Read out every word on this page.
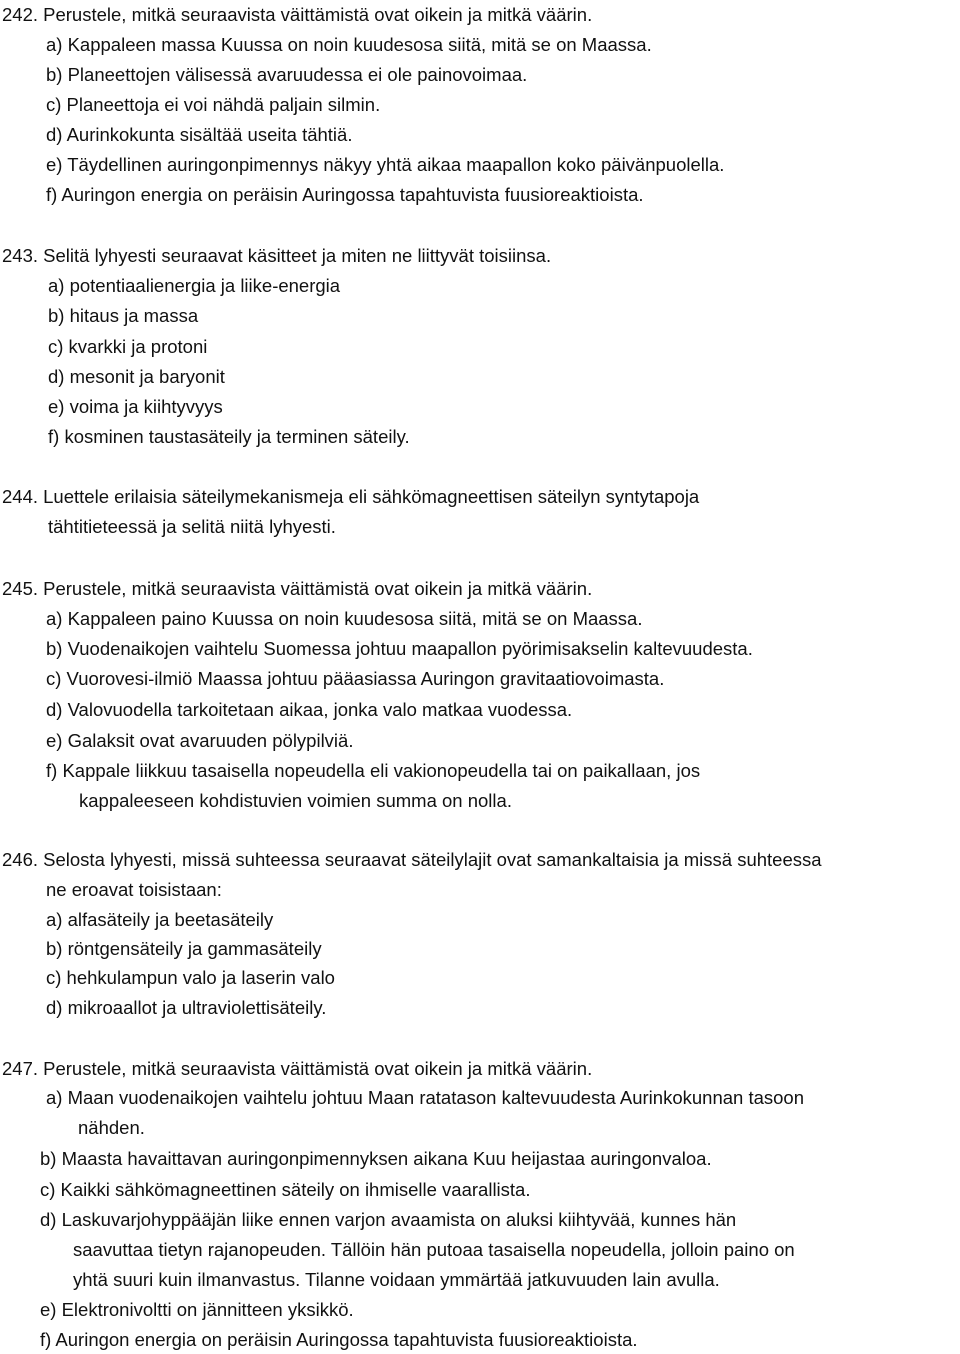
242. Perustele, mitkä seuraavista väittämistä ovat oikein ja mitkä väärin.
a) Kappaleen massa Kuussa on noin kuudesosa siitä, mitä se on Maassa.
b) Planeettojen välisessä avaruudessa ei ole painovoimaa.
c) Planeettoja ei voi nähdä paljain silmin.
d) Aurinkokunta sisältää useita tähtiä.
e) Täydellinen auringonpimennys näkyy yhtä aikaa maapallon koko päivänpuolella.
f) Auringon energia on peräisin Auringossa tapahtuvista fuusioreaktioista.
243. Selitä lyhyesti seuraavat käsitteet ja miten ne liittyvät toisiinsa.
a) potentiaalienergia ja liike-energia
b) hitaus ja massa
c) kvarkki ja protoni
d) mesonit ja baryonit
e) voima ja kiihtyvyys
f) kosminen taustasäteily ja terminen säteily.
244. Luettele erilaisia säteilymekanismeja eli sähkömagneettisen säteilyn syntytapoja
tähtitieteessä ja selitä niitä lyhyesti.
245. Perustele, mitkä seuraavista väittämistä ovat oikein ja mitkä väärin.
a) Kappaleen paino Kuussa on noin kuudesosa siitä, mitä se on Maassa.
b) Vuodenaikojen vaihtelu Suomessa johtuu maapallon pyörimisakselin kaltevuudesta.
c) Vuorovesi-ilmiö Maassa johtuu pääasiassa Auringon gravitaatiovoimasta.
d) Valovuodella tarkoitetaan aikaa, jonka valo matkaa vuodessa.
e) Galaksit ovat avaruuden pölypilviä.
f) Kappale liikkuu tasaisella nopeudella eli vakionopeudella tai on paikallaan, jos
kappaleeseen kohdistuvien voimien summa on nolla.
246. Selosta lyhyesti, missä suhteessa seuraavat säteilylajit ovat samankaltaisia ja missä suhteessa
ne eroavat toisistaan:
a) alfasäteily ja beetasäteily
b) röntgensäteily ja gammasäteily
c) hehkulampun valo ja laserin valo
d) mikroaallot ja ultraviolettisäteily.
247. Perustele, mitkä seuraavista väittämistä ovat oikein ja mitkä väärin.
a) Maan vuodenaikojen vaihtelu johtuu Maan ratatason kaltevuudesta Aurinkokunnan tasoon
nähden.
b) Maasta havaittavan auringonpimennyksen aikana Kuu heijastaa auringonvaloa.
c) Kaikki sähkömagneettinen säteily on ihmiselle vaarallista.
d) Laskuvarjohyppääjän liike ennen varjon avaamista on aluksi kiihtyvää, kunnes hän
saavuttaa tietyn rajanopeuden. Tällöin hän putoaa tasaisella nopeudella, jolloin paino on
yhtä suuri kuin ilmanvastus. Tilanne voidaan ymmärtää jatkuvuuden lain avulla.
e) Elektronivoltti on jännitteen yksikkö.
f) Auringon energia on peräisin Auringossa tapahtuvista fuusioreaktioista.
